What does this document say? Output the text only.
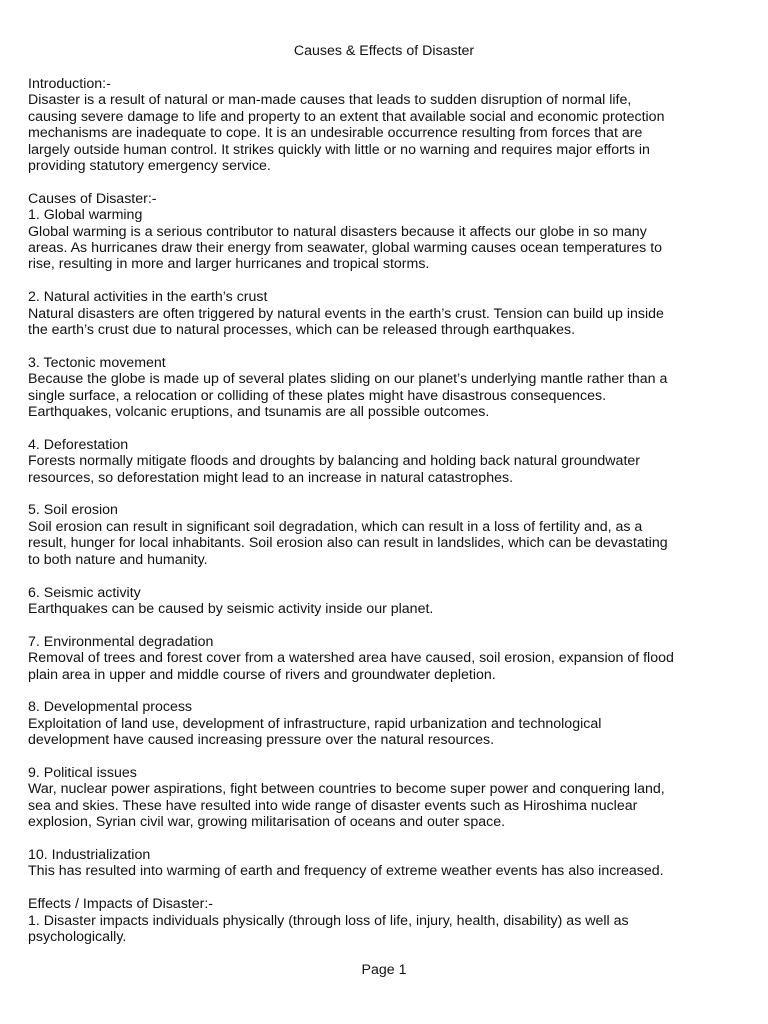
Causes & Effects of Disaster
Introduction:-
Disaster is a result of natural or man-made causes that leads to sudden disruption of normal life,
causing severe damage to life and property to an extent that available social and economic protection
mechanisms are inadequate to cope. It is an undesirable occurrence resulting from forces that are
largely outside human control. It strikes quickly with little or no warning and requires major efforts in
providing statutory emergency service.
Causes of Disaster:-
1. Global warming
Global warming is a serious contributor to natural disasters because it affects our globe in so many
areas. As hurricanes draw their energy from seawater, global warming causes ocean temperatures to
rise, resulting in more and larger hurricanes and tropical storms.
2. Natural activities in the earth’s crust
Natural disasters are often triggered by natural events in the earth’s crust. Tension can build up inside
the earth’s crust due to natural processes, which can be released through earthquakes.
3. Tectonic movement
Because the globe is made up of several plates sliding on our planet’s underlying mantle rather than a
single surface, a relocation or colliding of these plates might have disastrous consequences.
Earthquakes, volcanic eruptions, and tsunamis are all possible outcomes.
4. Deforestation
Forests normally mitigate floods and droughts by balancing and holding back natural groundwater
resources, so deforestation might lead to an increase in natural catastrophes.
5. Soil erosion
Soil erosion can result in significant soil degradation, which can result in a loss of fertility and, as a
result, hunger for local inhabitants. Soil erosion also can result in landslides, which can be devastating
to both nature and humanity.
6. Seismic activity
Earthquakes can be caused by seismic activity inside our planet.
7. Environmental degradation
Removal of trees and forest cover from a watershed area have caused, soil erosion, expansion of flood
plain area in upper and middle course of rivers and groundwater depletion.
8. Developmental process
Exploitation of land use, development of infrastructure, rapid urbanization and technological
development have caused increasing pressure over the natural resources.
9. Political issues
War, nuclear power aspirations, fight between countries to become super power and conquering land,
sea and skies. These have resulted into wide range of disaster events such as Hiroshima nuclear
explosion, Syrian civil war, growing militarisation of oceans and outer space.
10. Industrialization
This has resulted into warming of earth and frequency of extreme weather events has also increased.
Effects / Impacts of Disaster:-
1. Disaster impacts individuals physically (through loss of life, injury, health, disability) as well as
psychologically.
Page 1
